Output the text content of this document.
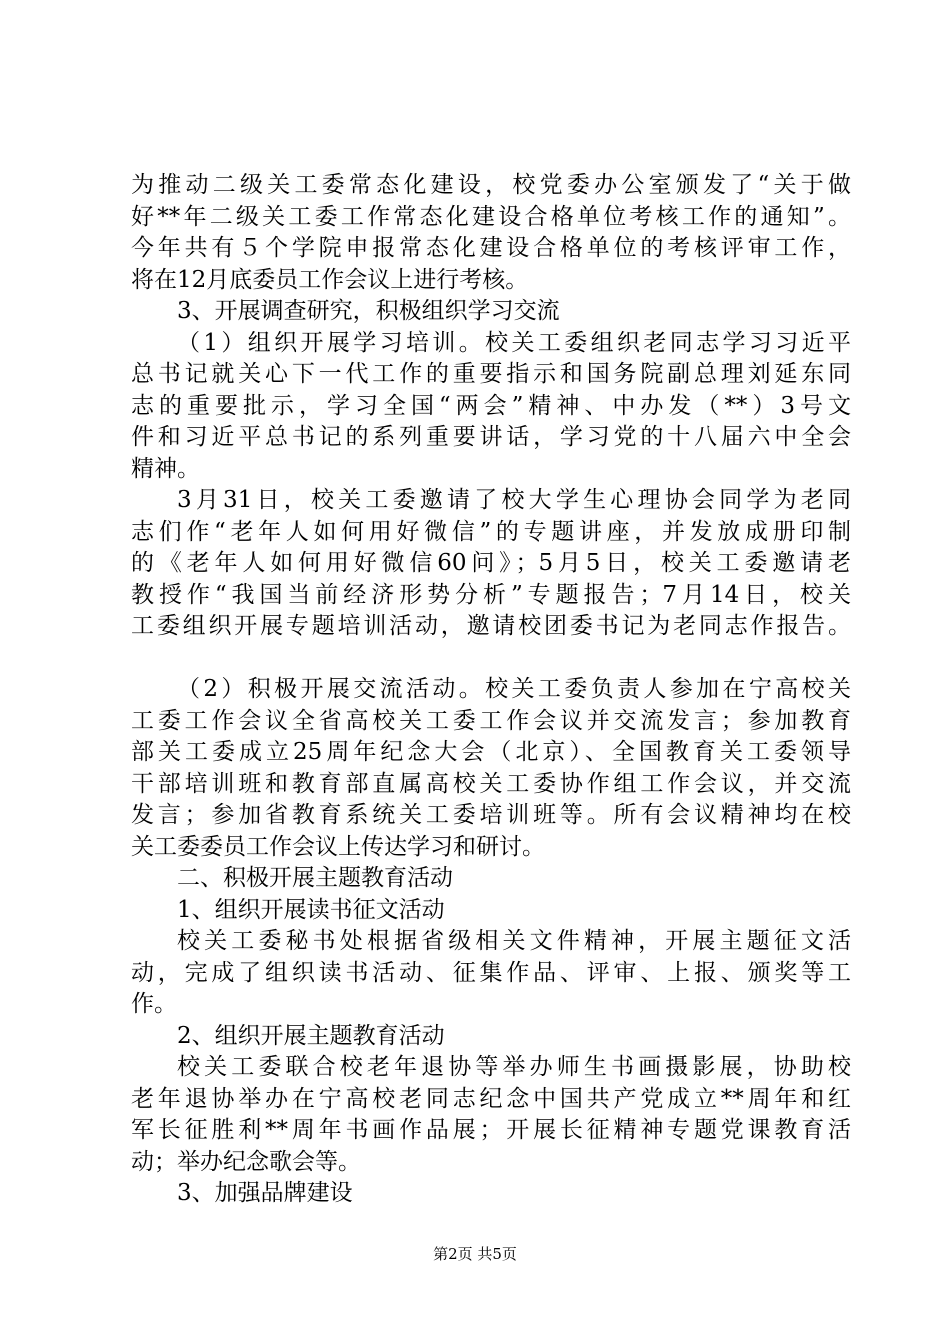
为推动二级关工委常态化建设，校党委办公室颁发了“关于做
好**年二级关工委工作常态化建设合格单位考核工作的通知”。
今年共有５个学院申报常态化建设合格单位的考核评审工作，
将在12月底委员工作会议上进行考核。
3、开展调查研究，积极组织学习交流
（1）组织开展学习培训。校关工委组织老同志学习习近平
总书记就关心下一代工作的重要指示和国务院副总理刘延东同
志的重要批示，学习全国“两会”精神、中办发（**）3号文
件和习近平总书记的系列重要讲话，学习党的十八届六中全会
精神。
3月31日，校关工委邀请了校大学生心理协会同学为老同
志们作“老年人如何用好微信”的专题讲座，并发放成册印制
的《老年人如何用好微信60问》；5月5日，校关工委邀请老
教授作“我国当前经济形势分析”专题报告；7月14日，校关
工委组织开展专题培训活动，邀请校团委书记为老同志作报告。
（2）积极开展交流活动。校关工委负责人参加在宁高校关
工委工作会议全省高校关工委工作会议并交流发言；参加教育
部关工委成立25周年纪念大会（北京）、全国教育关工委领导
干部培训班和教育部直属高校关工委协作组工作会议，并交流
发言；参加省教育系统关工委培训班等。所有会议精神均在校
关工委委员工作会议上传达学习和研讨。
二、积极开展主题教育活动
1、组织开展读书征文活动
校关工委秘书处根据省级相关文件精神，开展主题征文活
动，完成了组织读书活动、征集作品、评审、上报、颁奖等工
作。
2、组织开展主题教育活动
校关工委联合校老年退协等举办师生书画摄影展，协助校
老年退协举办在宁高校老同志纪念中国共产党成立**周年和红
军长征胜利**周年书画作品展；开展长征精神专题党课教育活
动；举办纪念歌会等。
3、加强品牌建设
第2页 共5页
